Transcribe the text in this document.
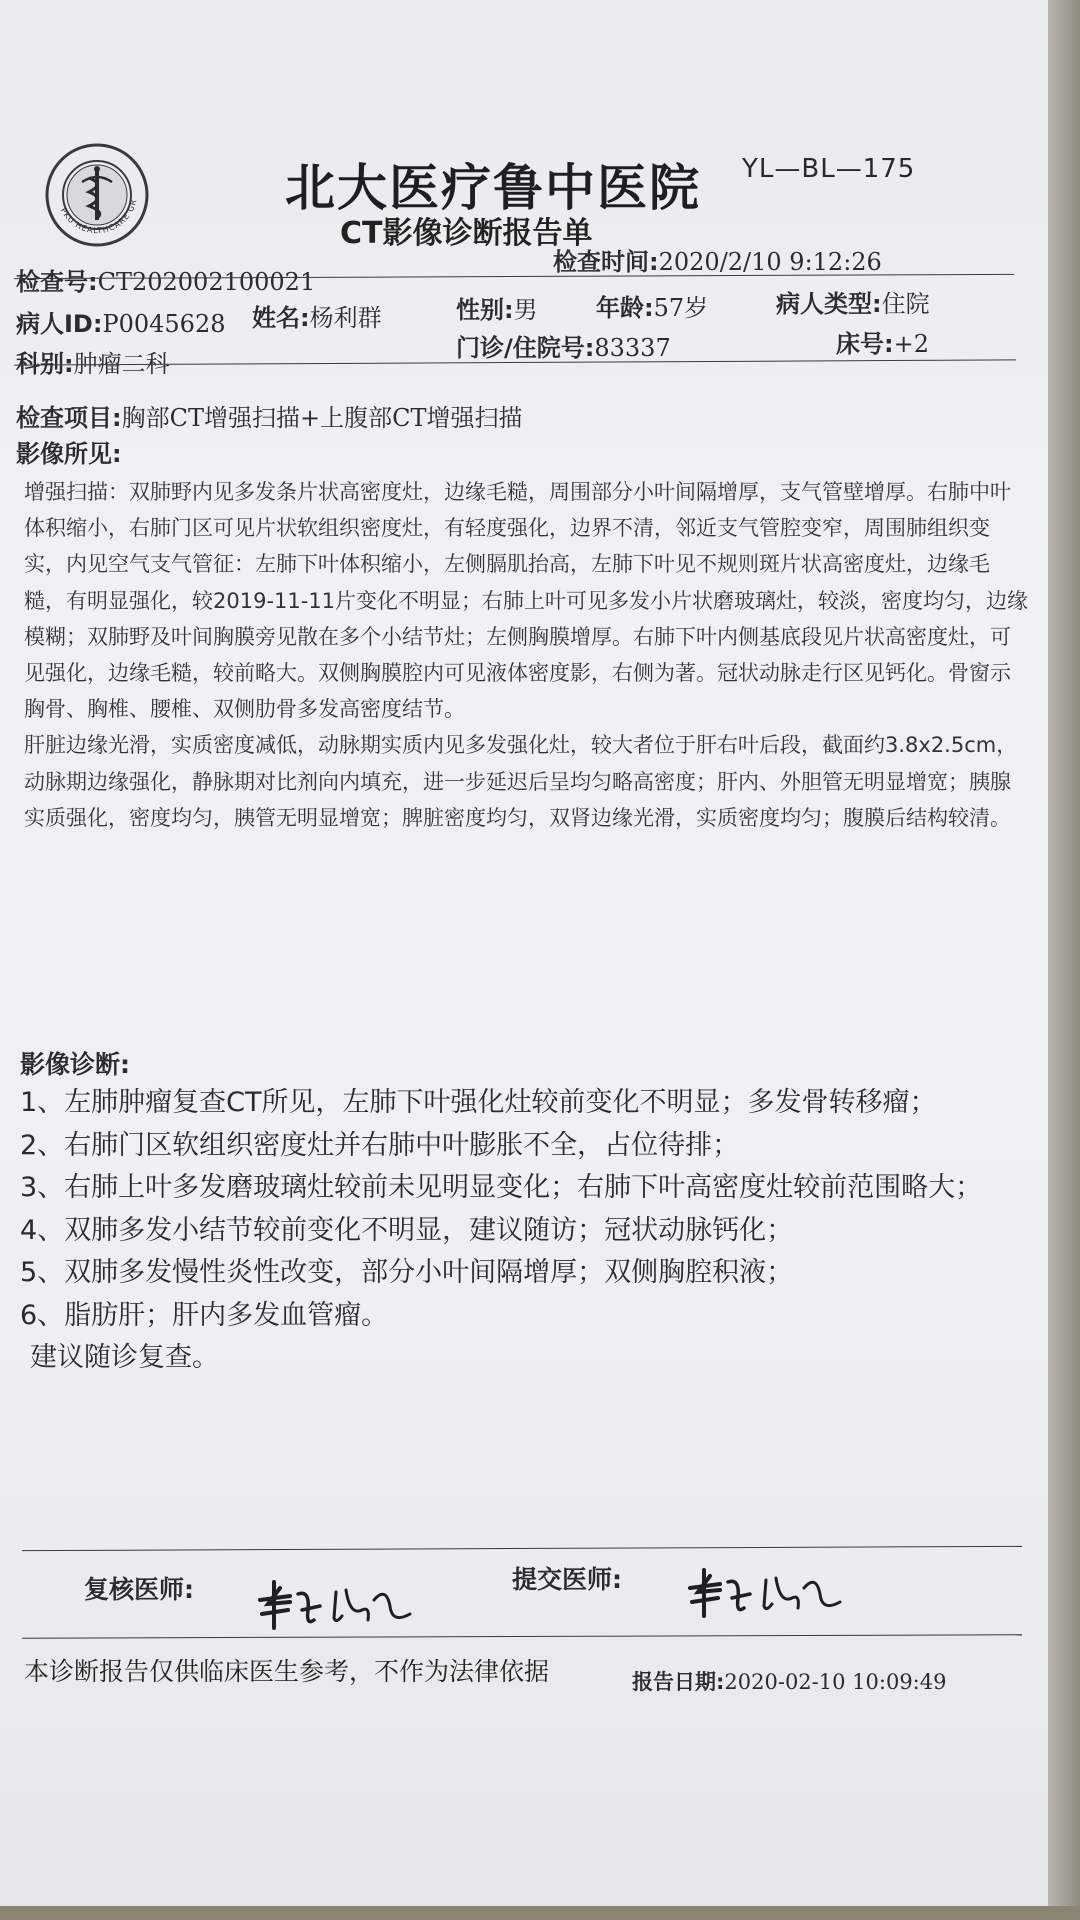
PKU HEALTHCARE GR	北大医疗鲁中医院 YL—BL—175
CT影像诊断报告单
检查号:CT202002100021
检查时间:2020/2/10 9:12:26
病人ID:P0045628 姓名:杨利群	性别:男 年龄:57岁	病人类型:住院
科别:肿瘤二科
门诊/住院号:83337	床号:+2
检查项目:胸部CT增强扫描+上腹部CT增强扫描
影像所见:

增强扫描：双肺野内见多发条片状高密度灶，边缘毛糙，周围部分小叶间隔增厚，支气管壁增厚。右肺中叶体积缩小，右肺门区可见片状软组织密度灶，有轻度强化，边界不清，邻近支气管腔变窄，周围肺组织变实，内见空气支气管征：左肺下叶体积缩小，左侧膈肌抬高，左肺下叶见不规则斑片状高密度灶，边缘毛糙，有明显强化，较2019-11-11片变化不明显；右肺上叶可见多发小片状磨玻璃灶，较淡，密度均匀，边缘模糊；双肺野及叶间胸膜旁见散在多个小结节灶；左侧胸膜增厚。右肺下叶内侧基底段见片状高密度灶，可见强化，边缘毛糙，较前略大。双侧胸膜腔内可见液体密度影，右侧为著。冠状动脉走行区见钙化。骨窗示胸骨、胸椎、腰椎、双侧肋骨多发高密度结节。

肝脏边缘光滑，实质密度减低，动脉期实质内见多发强化灶，较大者位于肝右叶后段，截面约3.8x2.5cm，动脉期边缘强化，静脉期对比剂向内填充，进一步延迟后呈均匀略高密度；肝内、外胆管无明显增宽；胰腺实质强化，密度均匀，胰管无明显增宽；脾脏密度均匀，双肾边缘光滑，实质密度均匀；腹膜后结构较清。

影像诊断:

1、左肺肿瘤复查CT所见，左肺下叶强化灶较前变化不明显；多发骨转移瘤；

2、右肺门区软组织密度灶并右肺中叶膨胀不全，占位待排；

3、右肺上叶多发磨玻璃灶较前未见明显变化；右肺下叶高密度灶较前范围略大；

4、双肺多发小结节较前变化不明显，建议随访；冠状动脉钙化；

5、双肺多发慢性炎性改变，部分小叶间隔增厚；双侧胸腔积液；

6、脂肪肝；肝内多发血管瘤。

建议随诊复查。

复核医师:	提交医师:
本诊断报告仅供临床医生参考，不作为法律依据	报告日期:2020-02-10 10:09:49
